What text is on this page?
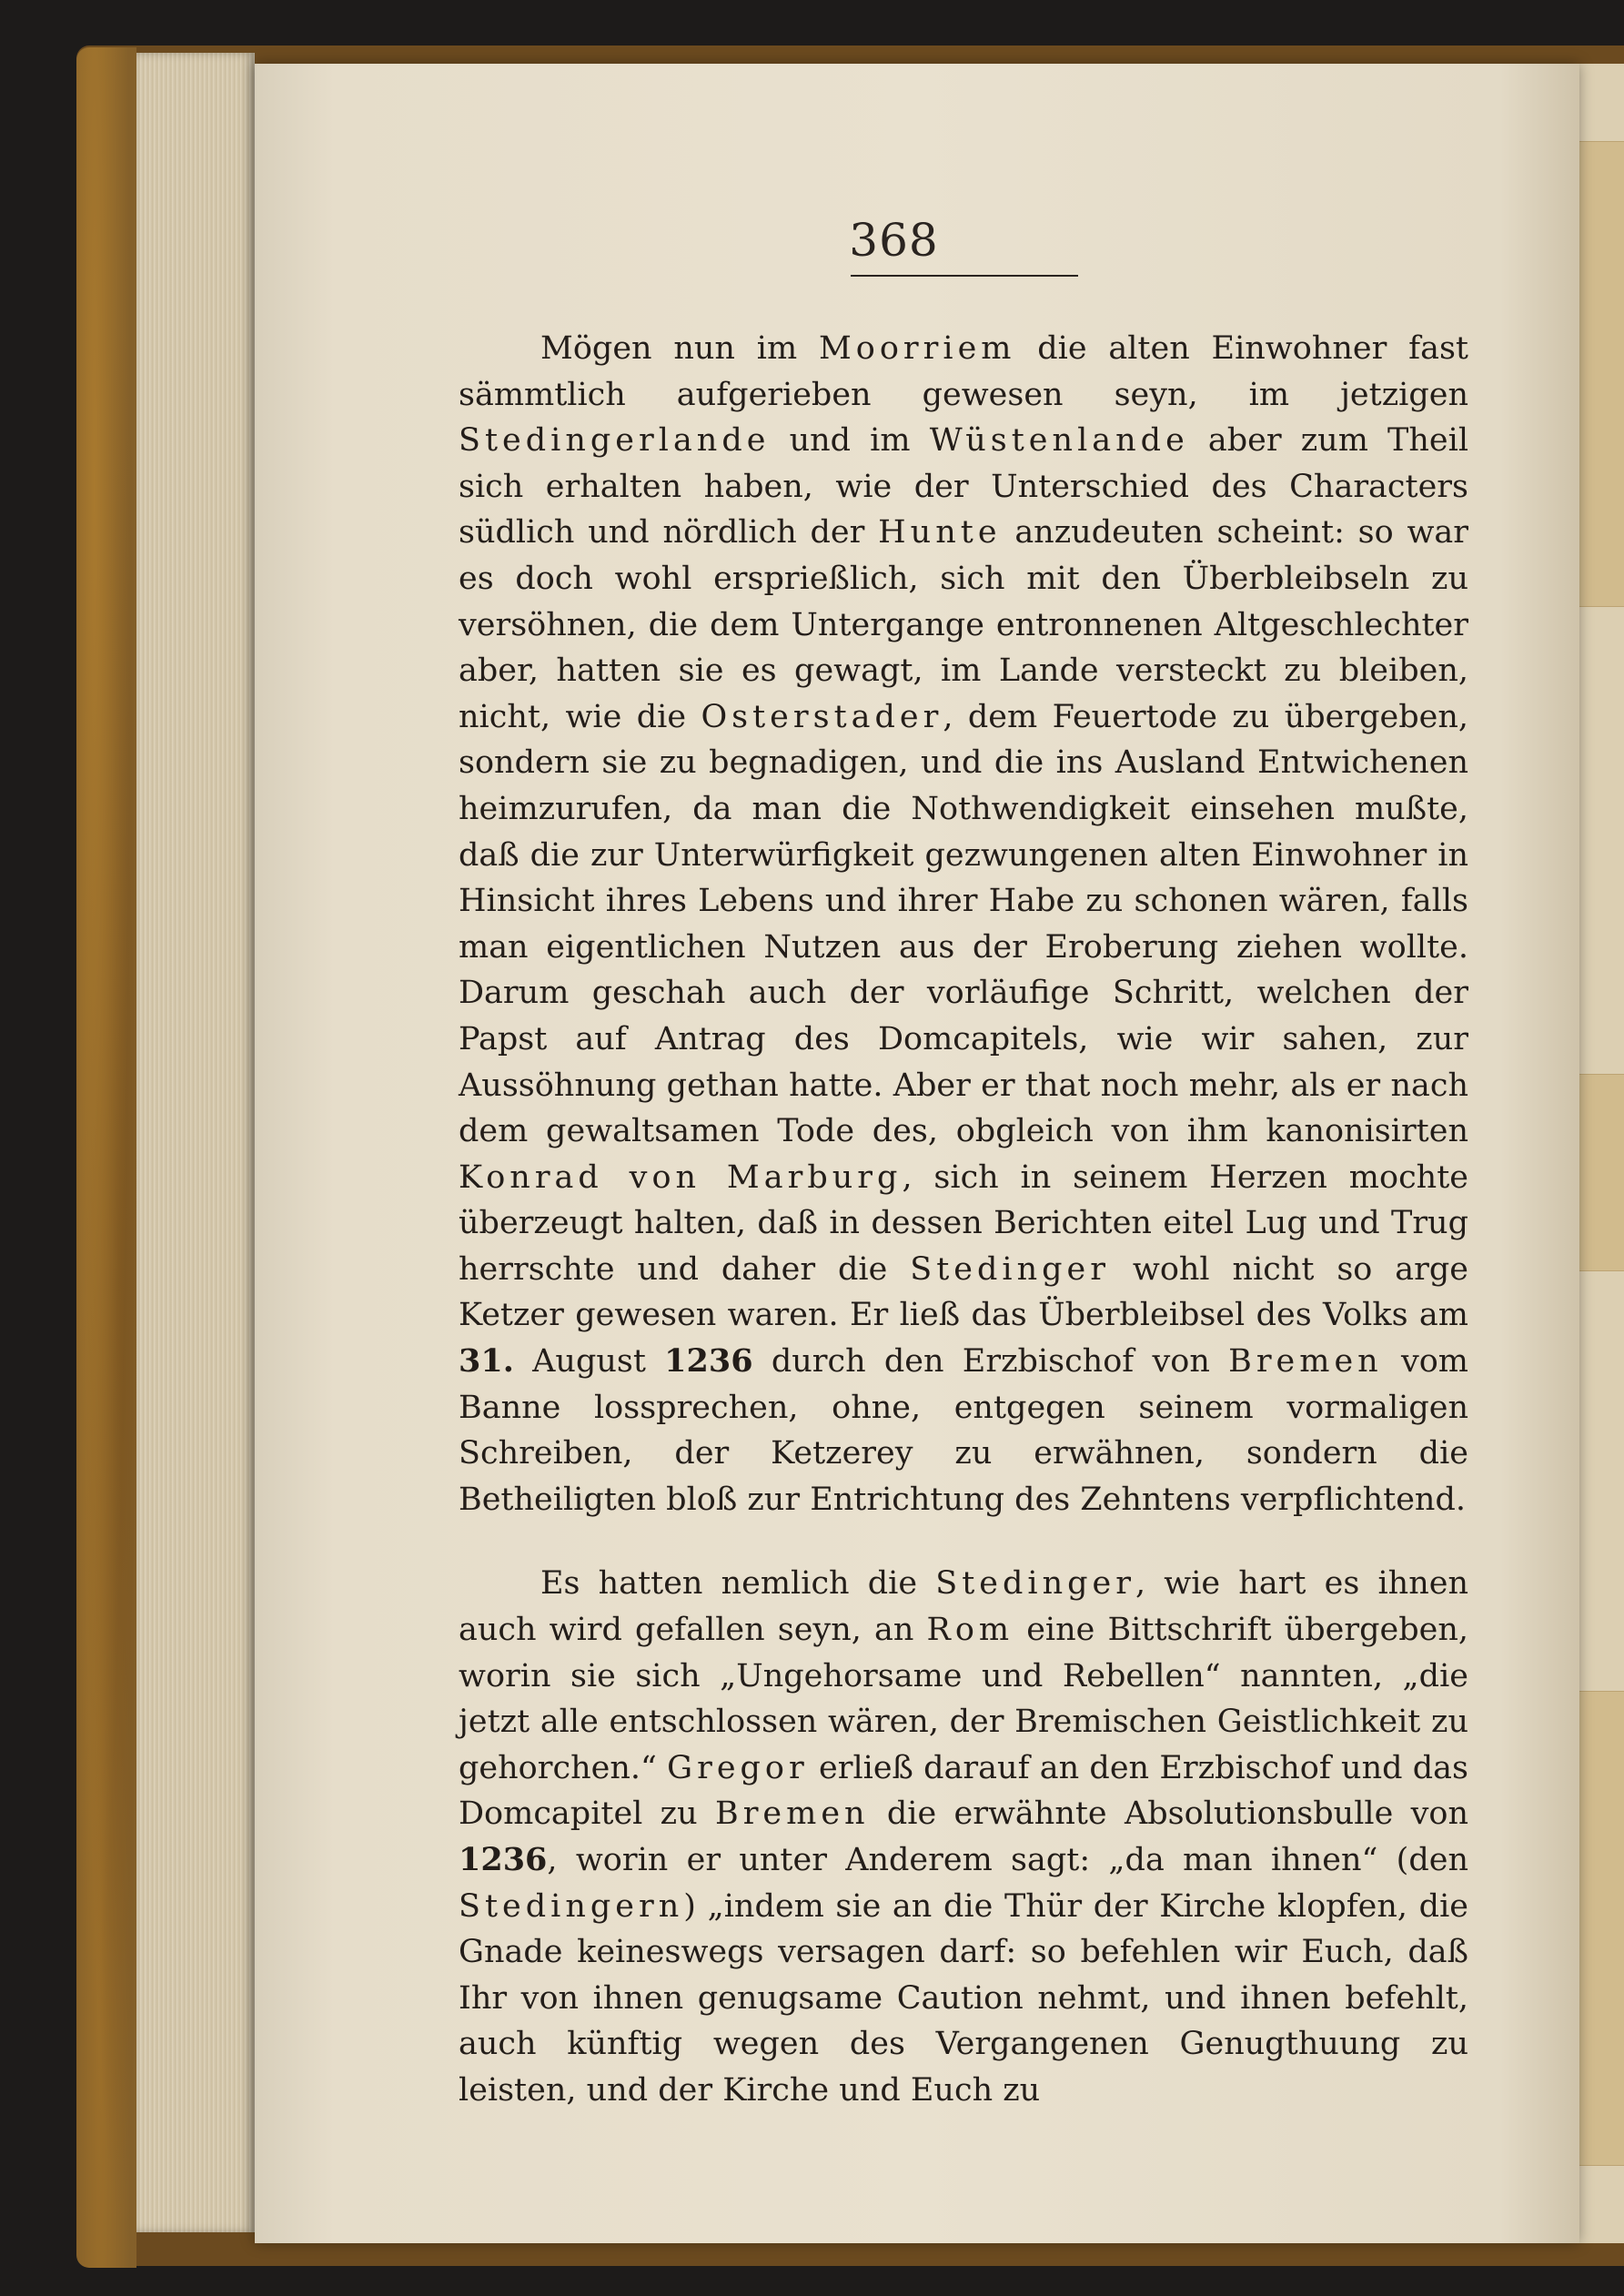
368

Mögen nun im Moorriem die alten Einwohner fast sämmtlich aufgerieben gewesen seyn, im jetzigen Stedingerlande und im Wüstenlande aber zum Theil sich erhalten haben, wie der Unterschied des Characters südlich und nördlich der Hunte anzudeuten scheint: so war es doch wohl ersprießlich, sich mit den Überbleibseln zu versöhnen, die dem Untergange entronnenen Altgeschlechter aber, hatten sie es gewagt, im Lande versteckt zu bleiben, nicht, wie die Osterstader, dem Feuertode zu übergeben, sondern sie zu begnadigen, und die ins Ausland Entwichenen heimzurufen, da man die Nothwendigkeit einsehen mußte, daß die zur Unterwürfigkeit gezwungenen alten Einwohner in Hinsicht ihres Lebens und ihrer Habe zu schonen wären, falls man eigentlichen Nutzen aus der Eroberung ziehen wollte. Darum geschah auch der vorläufige Schritt, welchen der Papst auf Antrag des Domcapitels, wie wir sahen, zur Aussöhnung gethan hatte. Aber er that noch mehr, als er nach dem gewaltsamen Tode des, obgleich von ihm kanonisirten Konrad von Marburg, sich in seinem Herzen mochte überzeugt halten, daß in dessen Berichten eitel Lug und Trug herrschte und daher die Stedinger wohl nicht so arge Ketzer gewesen waren. Er ließ das Überbleibsel des Volks am 31. August 1236 durch den Erzbischof von Bremen vom Banne lossprechen, ohne, entgegen seinem vormaligen Schreiben, der Ketzerey zu erwähnen, sondern die Betheiligten bloß zur Entrichtung des Zehntens verpflichtend.

Es hatten nemlich die Stedinger, wie hart es ihnen auch wird gefallen seyn, an Rom eine Bittschrift übergeben, worin sie sich „Ungehorsame und Rebellen“ nannten, „die jetzt alle entschlossen wären, der Bremischen Geistlichkeit zu gehorchen.“ Gregor erließ darauf an den Erzbischof und das Domcapitel zu Bremen die erwähnte Absolutionsbulle von 1236, worin er unter Anderem sagt: „da man ihnen“ (den Stedingern) „indem sie an die Thür der Kirche klopfen, die Gnade keineswegs versagen darf: so befehlen wir Euch, daß Ihr von ihnen genugsame Caution nehmt, und ihnen befehlt, auch künftig wegen des Vergangenen Genugthuung zu leisten, und der Kirche und Euch zu
